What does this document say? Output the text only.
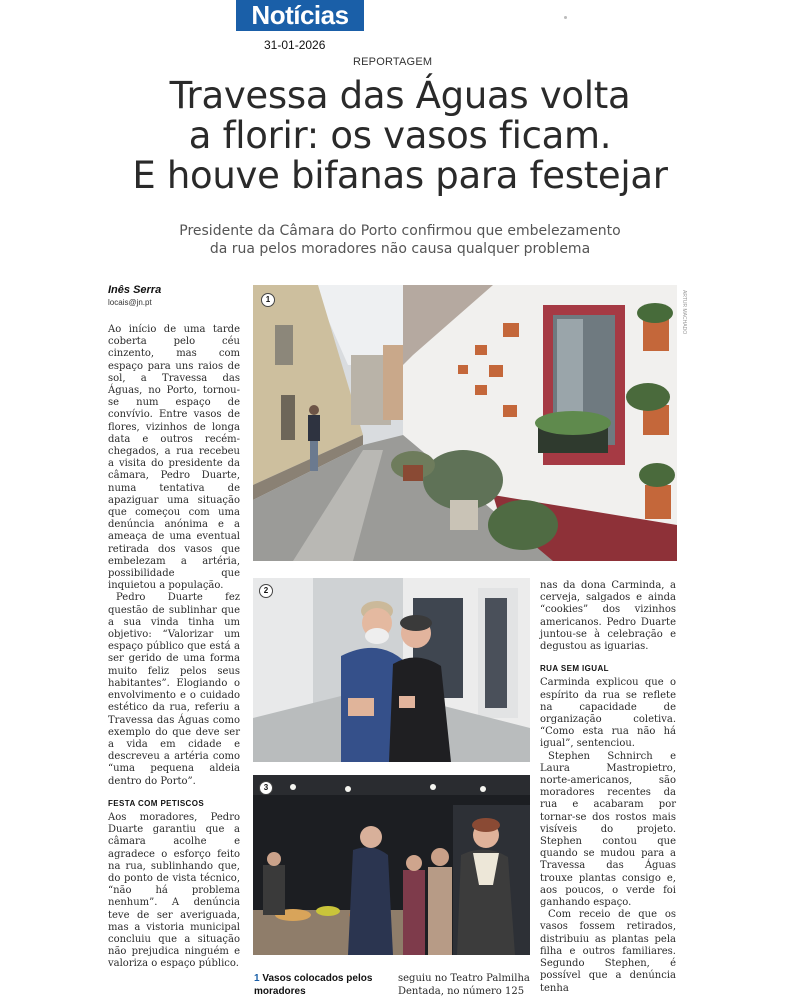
Notícias
31-01-2026
REPORTAGEM
Travessa das Águas volta
a florir: os vasos ficam.
E houve bifanas para festejar
Presidente da Câmara do Porto confirmou que embelezamento
da rua pelos moradores não causa qualquer problema
Inês Serra
locais@jn.pt

Ao início de uma tarde coberta pelo céu cinzento, mas com espaço para uns raios de sol, a Travessa das Águas, no Porto, tornou-se num espaço de convívio. Entre vasos de flores, vizinhos de longa data e outros recém-chegados, a rua recebeu a visita do presidente da câmara, Pedro Duarte, numa tentativa de apaziguar uma situação que começou com uma denúncia anónima e a ameaça de uma eventual retirada dos vasos que embelezam a artéria, possibilidade que inquietou a população.

Pedro Duarte fez questão de sublinhar que a sua vinda tinha um objetivo: “Valorizar um espaço público que está a ser gerido de uma forma muito feliz pelos seus habitantes”. Elogiando o envolvimento e o cuidado estético da rua, referiu a Travessa das Águas como exemplo do que deve ser a vida em cidade e descreveu a artéria como “uma pequena aldeia dentro do Porto”.

FESTA COM PETISCOS

Aos moradores, Pedro Duarte garantiu que a câmara acolhe e agradece o esforço feito na rua, sublinhando que, do ponto de vista técnico, “não há problema nenhum”. A denúncia teve de ser averiguada, mas a vistoria municipal concluiu que a situação não prejudica ninguém e valoriza o espaço público.

1	ARTUR MACHADO
2
3

nas da dona Carminda, a cerveja, salgados e ainda “cookies” dos vizinhos americanos. Pedro Duarte juntou-se à celebração e degustou as iguarias.

RUA SEM IGUAL

Carminda explicou que o espírito da rua se reflete na capacidade de organização coletiva. “Como esta rua não há igual”, sentenciou.

Stephen Schnirch e Laura Mastropietro, norte-americanos, são moradores recentes da rua e acabaram por tornar-se dos rostos mais visíveis do projeto. Stephen contou que quando se mudou para a Travessa das Águas trouxe plantas consigo e, aos poucos, o verde foi ganhando espaço.

Com receio de que os vasos fossem retirados, distribuiu as plantas pela filha e outros familiares. Segundo Stephen, é possível que a denúncia tenha

1 Vasos colocados pelos moradores
seguiu no Teatro Palmilha Dentada, no número 125
